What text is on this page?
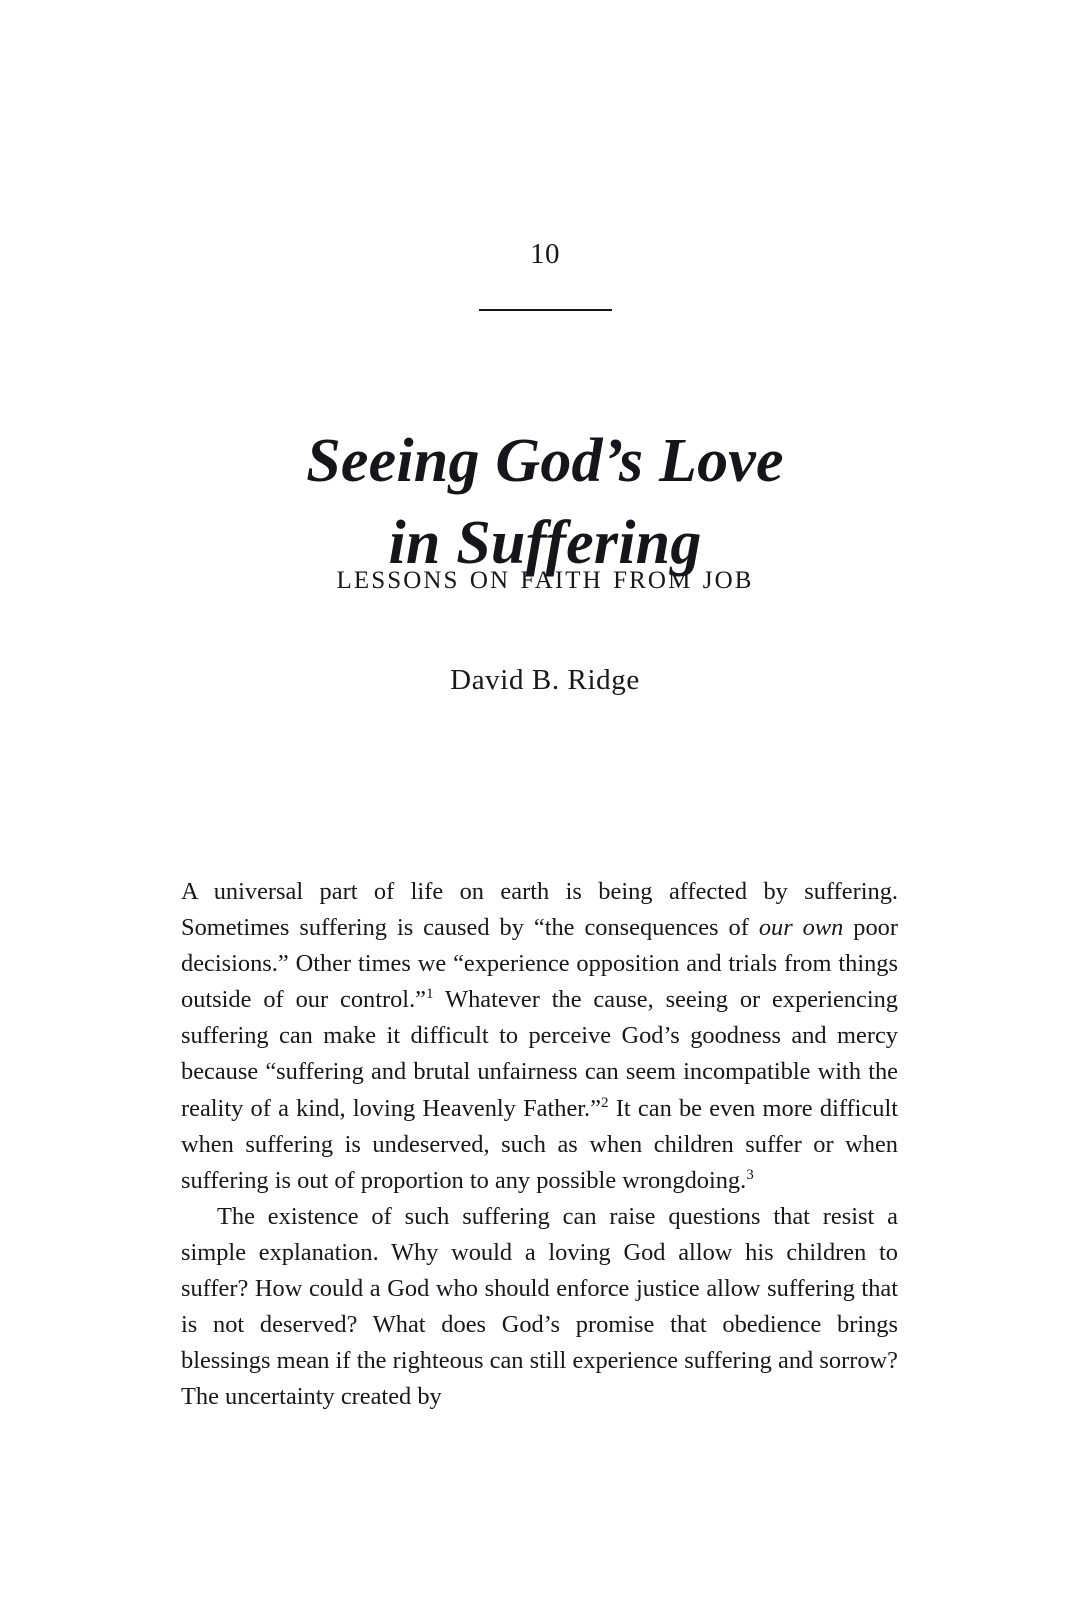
10
Seeing God’s Love
in Suffering
LESSONS ON FAITH FROM JOB
David B. Ridge

A universal part of life on earth is being affected by suffering. Sometimes suffering is caused by “the consequences of our own poor decisions.” Other times we “experience opposition and trials from things outside of our control.”$^1$ Whatever the cause, seeing or experiencing suffering can make it difficult to perceive God’s goodness and mercy because “suffering and brutal unfairness can seem incompatible with the reality of a kind, loving Heavenly Father.”$^2$ It can be even more difficult when suffering is undeserved, such as when children suffer or when suffering is out of proportion to any possible wrongdoing.$^3$

The existence of such suffering can raise questions that resist a simple explanation. Why would a loving God allow his children to suffer? How could a God who should enforce justice allow suffering that is not deserved? What does God’s promise that obedience brings blessings mean if the righteous can still experience suffering and sorrow? The uncertainty created by
